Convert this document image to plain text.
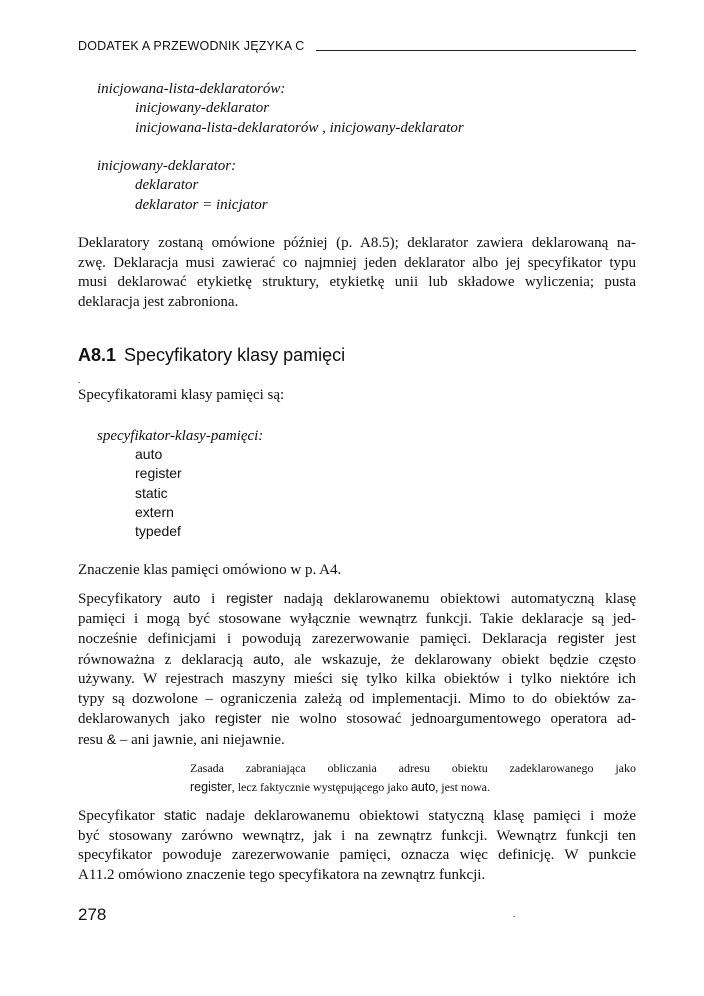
DODATEK A PRZEWODNIK JĘZYKA C
inicjowana-lista-deklaratorów:
inicjowany-deklarator
inicjowana-lista-deklaratorów , inicjowany-deklarator
inicjowany-deklarator:
deklarator
deklarator = inicjator
Deklaratory zostaną omówione później (p. A8.5); deklarator zawiera deklarowaną na-
zwę. Deklaracja musi zawierać co najmniej jeden deklarator albo jej specyfikator typu
musi deklarować etykietkę struktury, etykietkę unii lub składowe wyliczenia; pusta
deklaracja jest zabroniona.
A8.1 Specyfikatory klasy pamięci
Specyfikatorami klasy pamięci są:
specyfikator-klasy-pamięci:
auto
register
static
extern
typedef
Znaczenie klas pamięci omówiono w p. A4.
Specyfikatory auto i register nadają deklarowanemu obiektowi automatyczną klasę
pamięci i mogą być stosowane wyłącznie wewnątrz funkcji. Takie deklaracje są jed-
nocześnie definicjami i powodują zarezerwowanie pamięci. Deklaracja register jest
równoważna z deklaracją auto, ale wskazuje, że deklarowany obiekt będzie często
używany. W rejestrach maszyny mieści się tylko kilka obiektów i tylko niektóre ich
typy są dozwolone – ograniczenia zależą od implementacji. Mimo to do obiektów za-
deklarowanych jako register nie wolno stosować jednoargumentowego operatora ad-
resu & – ani jawnie, ani niejawnie.
Zasada zabraniająca obliczania adresu obiektu zadeklarowanego jako
register, lecz faktycznie występującego jako auto, jest nowa.
Specyfikator static nadaje deklarowanemu obiektowi statyczną klasę pamięci i może
być stosowany zarówno wewnątrz, jak i na zewnątrz funkcji. Wewnątrz funkcji ten
specyfikator powoduje zarezerwowanie pamięci, oznacza więc definicję. W punkcie
A11.2 omówiono znaczenie tego specyfikatora na zewnątrz funkcji.
278
